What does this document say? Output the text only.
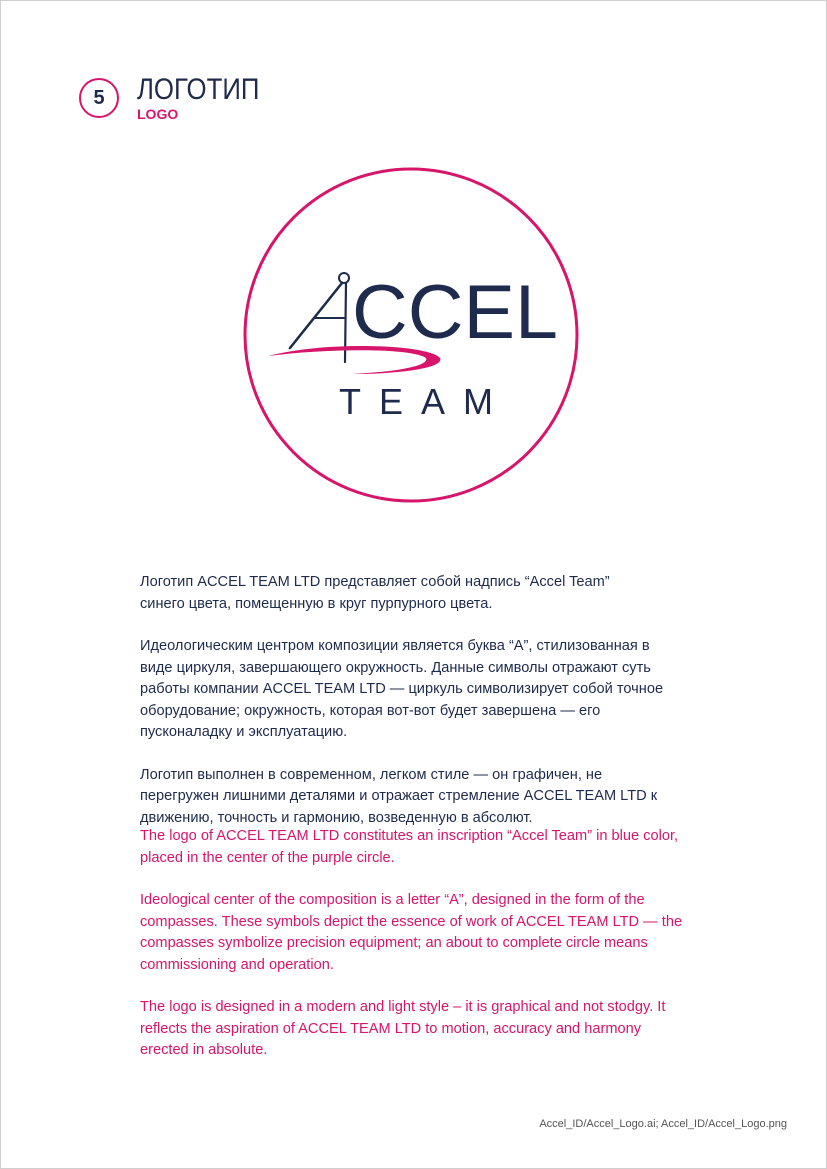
5 ЛОГОТИП
LOGO
CCEL
TEAM

Логотип ACCEL TEAM LTD представляет собой надпись “Accel Team” синего цвета, помещенную в круг пурпурного цвета.

Идеологическим центром композиции является буква “A”, стилизованная в виде циркуля, завершающего окружность. Данные символы отражают суть работы компании ACCEL TEAM LTD — циркуль символизирует собой точное оборудование; окружность, которая вот-вот будет завершена — его пусконаладку и эксплуатацию.

Логотип выполнен в современном, легком стиле — он графичен, не перегружен лишними деталями и отражает стремление ACCEL TEAM LTD к движению, точность и гармонию, возведенную в абсолют.

The logo of ACCEL TEAM LTD constitutes an inscription “Accel Team” in blue color, placed in the center of the purple circle.

Ideological center of the composition is a letter “A”, designed in the form of the compasses. These symbols depict the essence of work of ACCEL TEAM LTD — the compasses symbolize precision equipment; an about to complete circle means commissioning and operation.

The logo is designed in a modern and light style – it is graphical and not stodgy. It reflects the aspiration of ACCEL TEAM LTD to motion, accuracy and harmony erected in absolute.

Accel_ID/Accel_Logo.ai; Accel_ID/Accel_Logo.png
